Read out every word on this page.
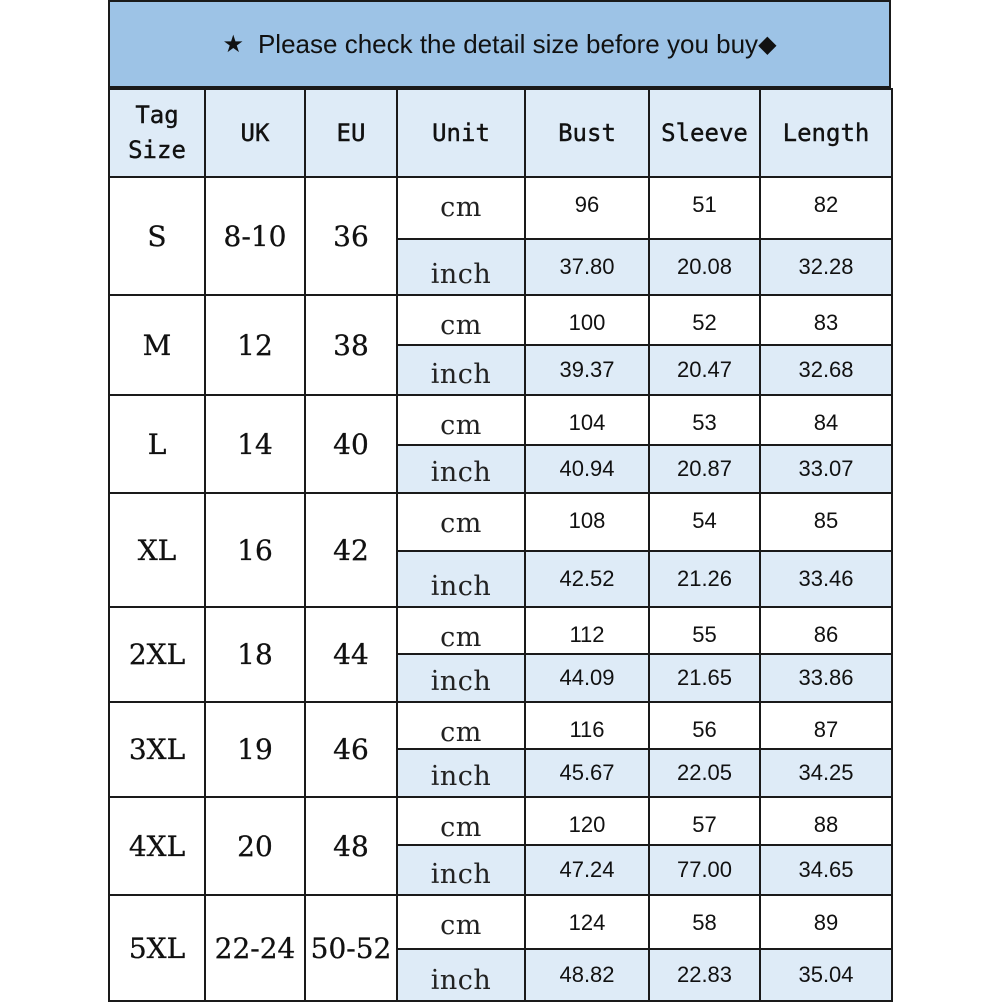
★ Please check the detail size before you buy ◆
Tag
Size	UK	EU	Unit	Bust	Sleeve	Length
S	8-10	36	cm	96	51	82
			inch	37.80	20.08	32.28
M	12	38	cm	100	52	83
			inch	39.37	20.47	32.68
L	14	40	cm	104	53	84
			inch	40.94	20.87	33.07
XL	16	42	cm	108	54	85
			inch	42.52	21.26	33.46
2XL	18	44	cm	112	55	86
			inch	44.09	21.65	33.86
3XL	19	46	cm	116	56	87
			inch	45.67	22.05	34.25
4XL	20	48	cm	120	57	88
			inch	47.24	77.00	34.65
5XL	22-24	50-52	cm	124	58	89
			inch	48.82	22.83	35.04
